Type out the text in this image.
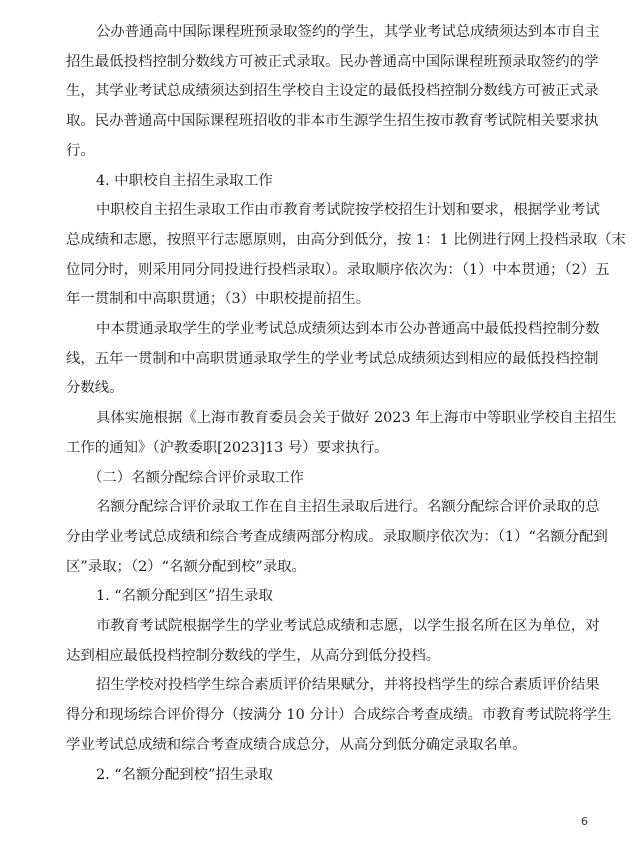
公办普通高中国际课程班预录取签约的学生，其学业考试总成绩须达到本市自主
招生最低投档控制分数线方可被正式录取。民办普通高中国际课程班预录取签约的学
生，其学业考试总成绩须达到招生学校自主设定的最低投档控制分数线方可被正式录
取。民办普通高中国际课程班招收的非本市生源学生招生按市教育考试院相关要求执
行。
4. 中职校自主招生录取工作
中职校自主招生录取工作由市教育考试院按学校招生计划和要求，根据学业考试
总成绩和志愿，按照平行志愿原则，由高分到低分，按 1：1 比例进行网上投档录取（末
位同分时，则采用同分同投进行投档录取）。录取顺序依次为：（1）中本贯通；（2）五
年一贯制和中高职贯通；（3）中职校提前招生。
中本贯通录取学生的学业考试总成绩须达到本市公办普通高中最低投档控制分数
线，五年一贯制和中高职贯通录取学生的学业考试总成绩须达到相应的最低投档控制
分数线。
具体实施根据《上海市教育委员会关于做好 2023 年上海市中等职业学校自主招生
工作的通知》（沪教委职[2023]13 号）要求执行。
（二）名额分配综合评价录取工作
名额分配综合评价录取工作在自主招生录取后进行。名额分配综合评价录取的总
分由学业考试总成绩和综合考查成绩两部分构成。录取顺序依次为：（1）“名额分配到
区”录取；（2）“名额分配到校”录取。
1. “名额分配到区”招生录取
市教育考试院根据学生的学业考试总成绩和志愿，以学生报名所在区为单位，对
达到相应最低投档控制分数线的学生，从高分到低分投档。
招生学校对投档学生综合素质评价结果赋分，并将投档学生的综合素质评价结果
得分和现场综合评价得分（按满分 10 分计）合成综合考查成绩。市教育考试院将学生
学业考试总成绩和综合考查成绩合成总分，从高分到低分确定录取名单。
2. “名额分配到校”招生录取
6
